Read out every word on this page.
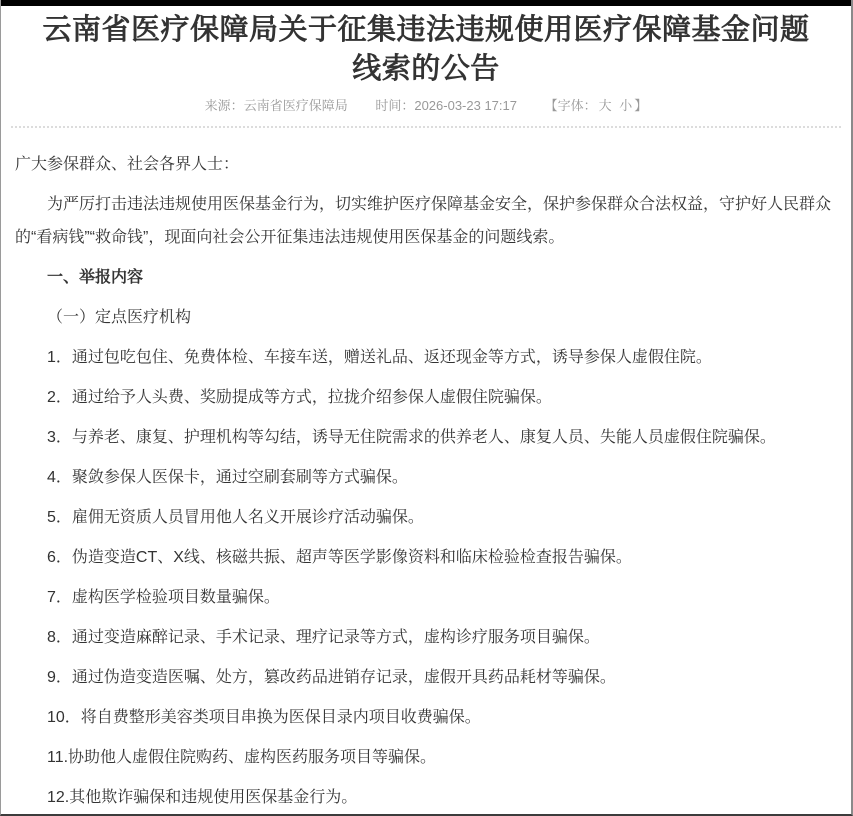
云南省医疗保障局关于征集违法违规使用医疗保障基金问题线索的公告
来源：云南省医疗保障局 时间：2026-03-23 17:17 【字体： 大 小 】

广大参保群众、社会各界人士：

为严厉打击违法违规使用医保基金行为，切实维护医疗保障基金安全，保护参保群众合法权益，守护好人民群众的“看病钱”“救命钱”，现面向社会公开征集违法违规使用医保基金的问题线索。

一、举报内容

（一）定点医疗机构

1．通过包吃包住、免费体检、车接车送，赠送礼品、返还现金等方式，诱导参保人虚假住院。

2．通过给予人头费、奖励提成等方式，拉拢介绍参保人虚假住院骗保。

3．与养老、康复、护理机构等勾结，诱导无住院需求的供养老人、康复人员、失能人员虚假住院骗保。

4．聚敛参保人医保卡，通过空刷套刷等方式骗保。

5．雇佣无资质人员冒用他人名义开展诊疗活动骗保。

6．伪造变造CT、X线、核磁共振、超声等医学影像资料和临床检验检查报告骗保。

7．虚构医学检验项目数量骗保。

8．通过变造麻醉记录、手术记录、理疗记录等方式，虚构诊疗服务项目骗保。

9．通过伪造变造医嘱、处方，篡改药品进销存记录，虚假开具药品耗材等骗保。

10．将自费整形美容类项目串换为医保目录内项目收费骗保。

11.协助他人虚假住院购药、虚构医药服务项目等骗保。

12.其他欺诈骗保和违规使用医保基金行为。
